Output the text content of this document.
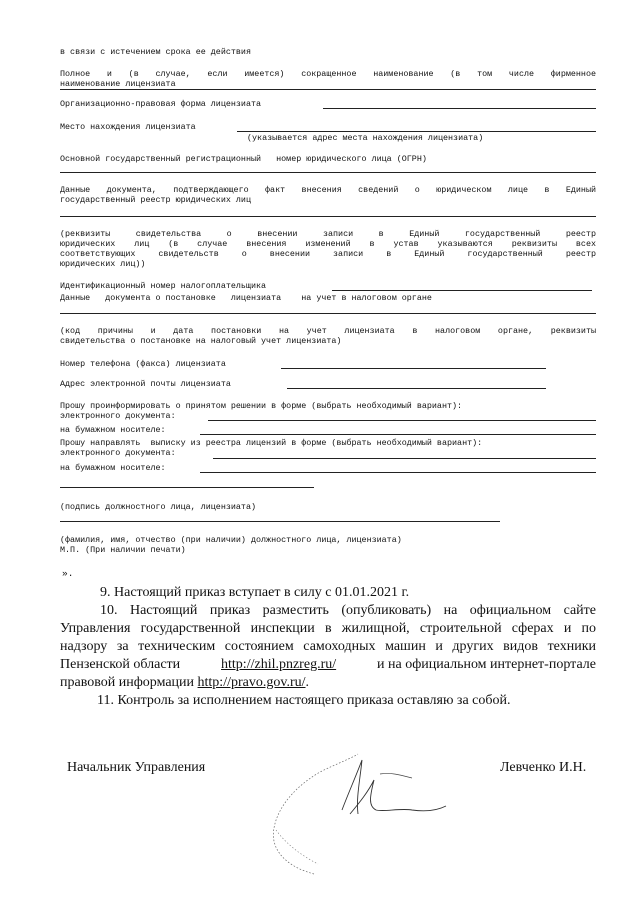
в связи с истечением срока ее действия
Полное и (в случае, если имеется) сокращенное наименование (в том числе фирменное
наименование лицензиата
Организационно-правовая форма лицензиата
Место нахождения лицензиата
(указывается адрес места нахождения лицензиата)
Основной государственный регистрационный   номер юридического лица (ОГРН)
Данные документа, подтверждающего факт внесения сведений о юридическом лице в Единый
государственный реестр юридических лиц
(реквизиты свидетельства о внесении записи в Единый государственный реестр
юридических лиц (в случае внесения изменений в устав указываются реквизиты всех
соответствующих свидетельств о внесении записи в Единый государственный реестр
юридических лиц))
Идентификационный номер налогоплательщика
Данные   документа о постановке   лицензиата    на учет в налоговом органе
(код причины и дата постановки на учет лицензиата в налоговом органе, реквизиты
свидетельства о постановке на налоговый учет лицензиата)
Номер телефона (факса) лицензиата
Адрес электронной почты лицензиата
Прошу проинформировать о принятом решении в форме (выбрать необходимый вариант):
электронного документа:
на бумажном носителе:
Прошу направлять  выписку из реестра лицензий в форме (выбрать необходимый вариант):
электронного документа:
на бумажном носителе:
(подпись должностного лица, лицензиата)
(фамилия, имя, отчество (при наличии) должностного лица, лицензиата)
М.П. (При наличии печати)
».
9. Настоящий приказ вступает в силу с 01.01.2021 г.
10. Настоящий приказ разместить (опубликовать) на официальном сайте
Управления государственной инспекции в жилищной, строительной сферах и по
надзору за техническим состоянием самоходных машин и других видов техники
Пензенской области	http://zhil.pnzreg.ru/	и на официальном интернет-портале
правовой информации http://pravo.gov.ru/.
11. Контроль за исполнением настоящего приказа оставляю за собой.
Начальник Управления	Левченко И.Н.
